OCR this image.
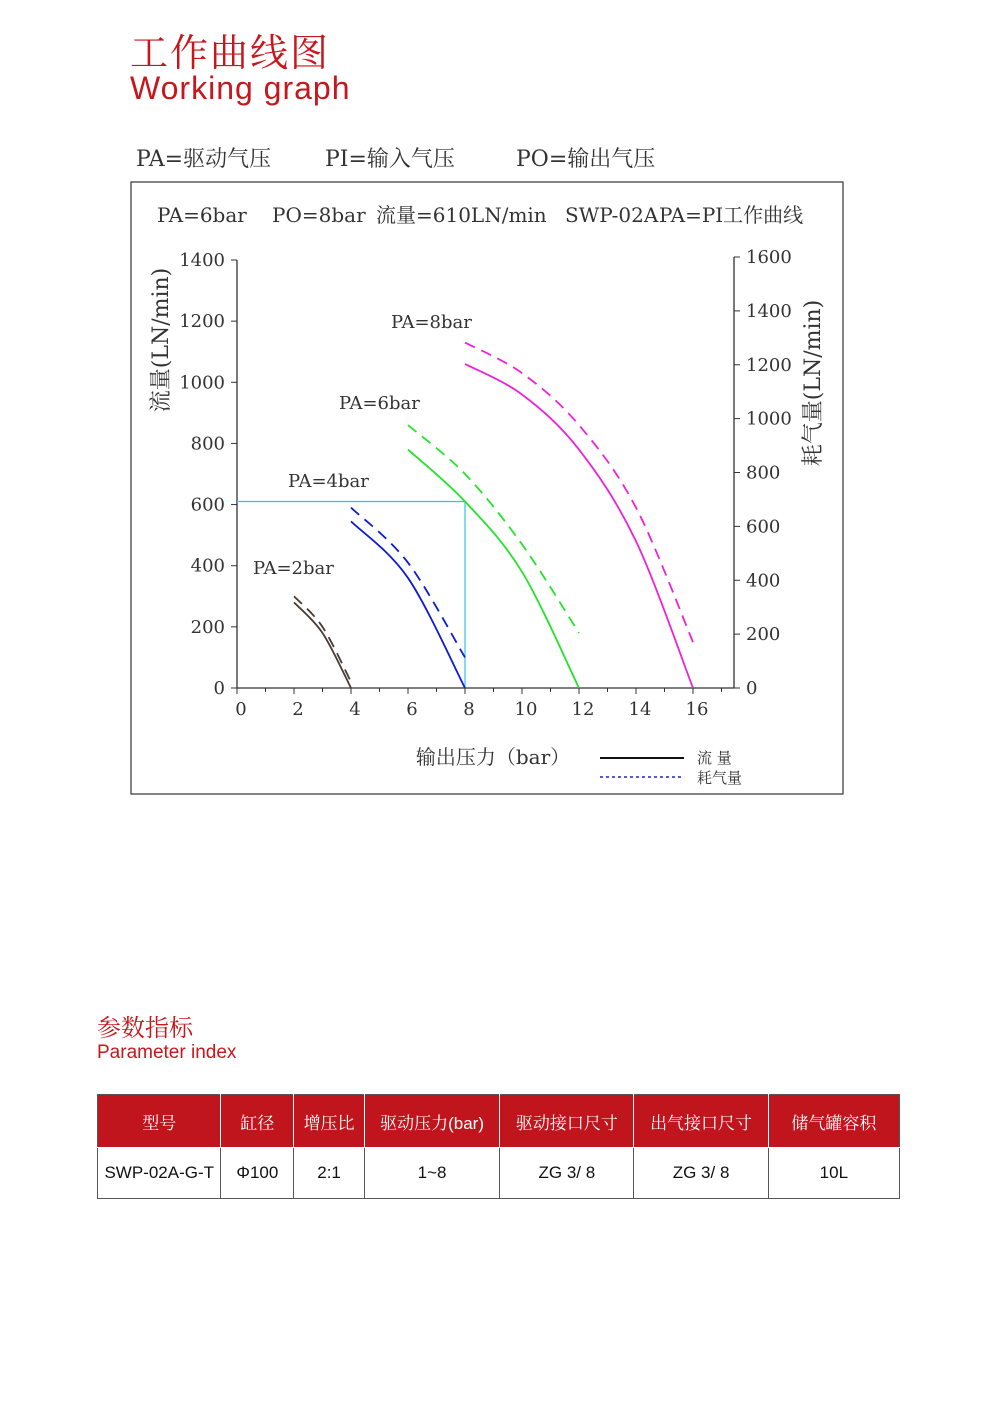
工作曲线图
Working graph
PA=驱动气压 PI=输入气压	PO=输出气压
PA=6bar PO=8bar 流量=610LN/min SWP-02A PA=PI工作曲线
0	2	4	6	8 10 12 14 16
0
200
400
600
800
1000
1200
1400
0
200
400
600
800
1000
1200
1400
1600
流量(LN/min)	耗气量(LN/min)
输出压力（bar）	流 量
耗气量
PA=2bar
PA=4bar
PA=6bar
PA=8bar
参数指标
Parameter index
型号	缸径	增压比	驱动压力(bar)	驱动接口尺寸	出气接口尺寸	储气罐容积
SWP-02A-G-T	Φ100	2:1	1~8	ZG 3/ 8	ZG 3/ 8	10L
